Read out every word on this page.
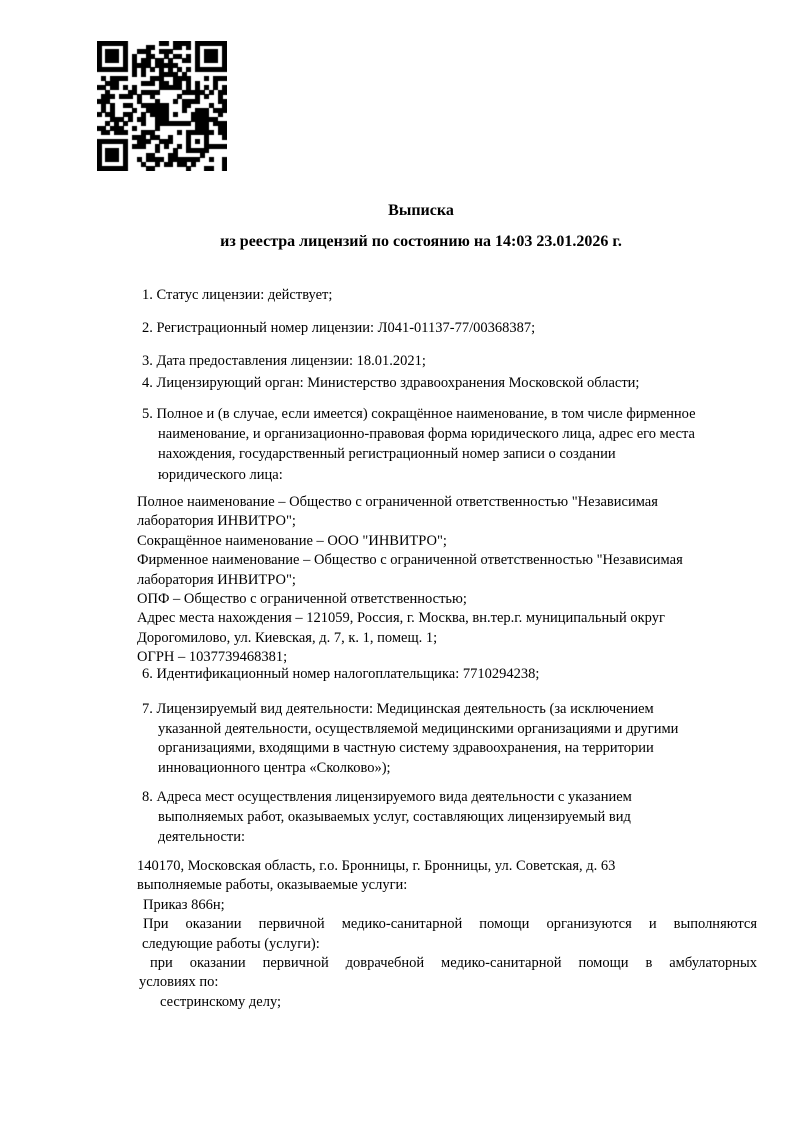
Выписка
из реестра лицензий по состоянию на 14:03 23.01.2026 г.
1. Статус лицензии: действует;
2. Регистрационный номер лицензии: Л041-01137-77/00368387;
3. Дата предоставления лицензии: 18.01.2021;
4. Лицензирующий орган: Министерство здравоохранения Московской области;
5. Полное и (в случае, если имеется) сокращённое наименование, в том числе фирменное
наименование, и организационно-правовая форма юридического лица, адрес его места
нахождения, государственный регистрационный номер записи о создании
юридического лица:
Полное наименование – Общество с ограниченной ответственностью "Независимая
лаборатория ИНВИТРО";
Сокращённое наименование – ООО "ИНВИТРО";
Фирменное наименование – Общество с ограниченной ответственностью "Независимая
лаборатория ИНВИТРО";
ОПФ – Общество с ограниченной ответственностью;
Адрес места нахождения – 121059, Россия, г. Москва, вн.тер.г. муниципальный округ
Дорогомилово, ул. Киевская, д. 7, к. 1, помещ. 1;
ОГРН – 1037739468381;
6. Идентификационный номер налогоплательщика: 7710294238;
7. Лицензируемый вид деятельности: Медицинская деятельность (за исключением
указанной деятельности, осуществляемой медицинскими организациями и другими
организациями, входящими в частную систему здравоохранения, на территории
инновационного центра «Сколково»);
8. Адреса мест осуществления лицензируемого вида деятельности с указанием
выполняемых работ, оказываемых услуг, составляющих лицензируемый вид
деятельности:
140170, Московская область, г.о. Бронницы, г. Бронницы, ул. Советская, д. 63
выполняемые работы, оказываемые услуги:
Приказ 866н;
При оказании первичной медико-санитарной помощи организуются и выполняются
следующие работы (услуги):
при оказании первичной доврачебной медико-санитарной помощи в амбулаторных
условиях по:
сестринскому делу;
